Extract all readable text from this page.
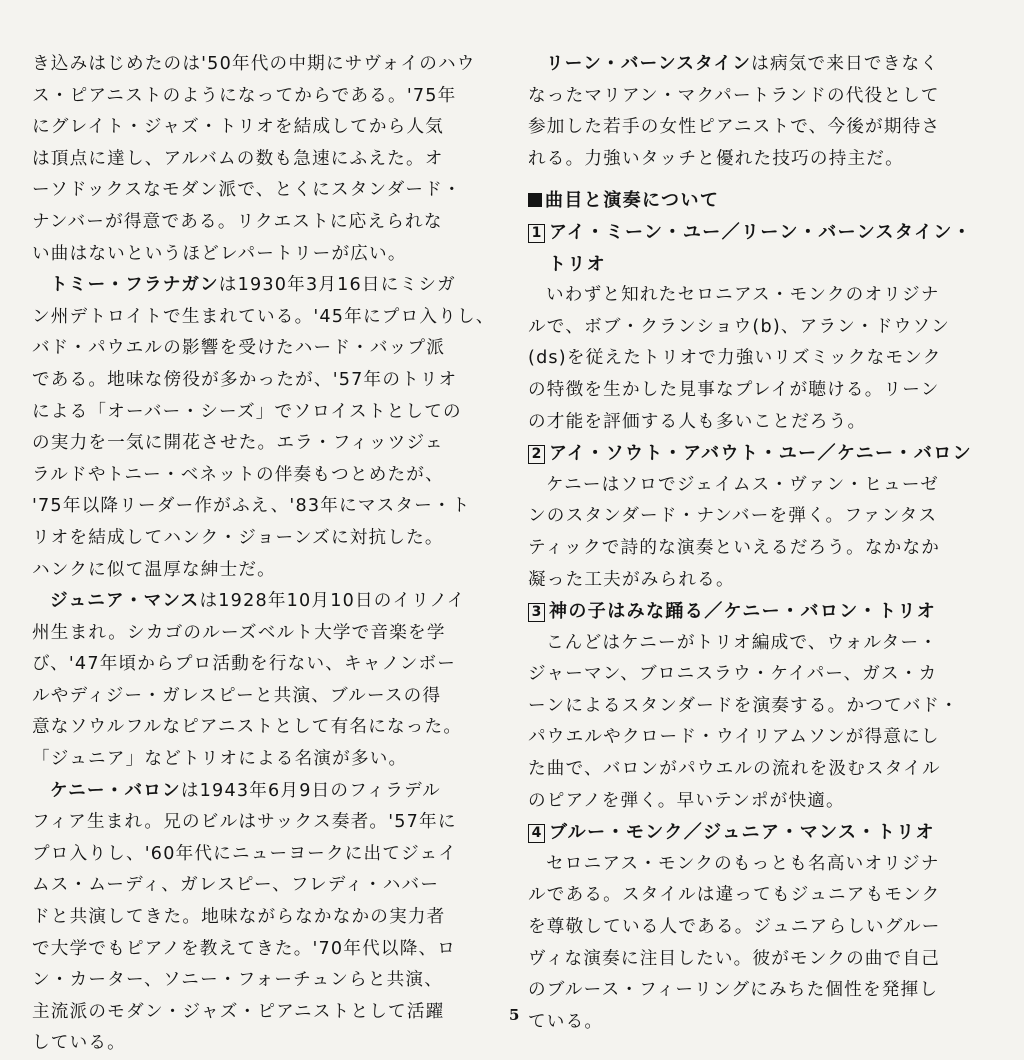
き込みはじめたのは'50年代の中期にサヴォイのハウ
ス・ピアニストのようになってからである。'75年
にグレイト・ジャズ・トリオを結成してから人気
は頂点に達し、アルバムの数も急速にふえた。オ
ーソドックスなモダン派で、とくにスタンダード・
ナンバーが得意である。リクエストに応えられな
い曲はないというほどレパートリーが広い。
トミー・フラナガンは1930年3月16日にミシガ
ン州デトロイトで生まれている。'45年にプロ入りし、
バド・パウエルの影響を受けたハード・バップ派
である。地味な傍役が多かったが、'57年のトリオ
による「オーバー・シーズ」でソロイストとしての
の実力を一気に開花させた。エラ・フィッツジェ
ラルドやトニー・ベネットの伴奏もつとめたが、
'75年以降リーダー作がふえ、'83年にマスター・ト
リオを結成してハンク・ジョーンズに対抗した。
ハンクに似て温厚な紳士だ。
ジュニア・マンスは1928年10月10日のイリノイ
州生まれ。シカゴのルーズベルト大学で音楽を学
び、'47年頃からプロ活動を行ない、キャノンボー
ルやディジー・ガレスピーと共演、ブルースの得
意なソウルフルなピアニストとして有名になった。
「ジュニア」などトリオによる名演が多い。
ケニー・バロンは1943年6月9日のフィラデル
フィア生まれ。兄のビルはサックス奏者。'57年に
プロ入りし、'60年代にニューヨークに出てジェイ
ムス・ムーディ、ガレスピー、フレディ・ハバー
ドと共演してきた。地味ながらなかなかの実力者
で大学でもピアノを教えてきた。'70年代以降、ロ
ン・カーター、ソニー・フォーチュンらと共演、
主流派のモダン・ジャズ・ピアニストとして活躍
している。
リーン・バーンスタインは病気で来日できなく
なったマリアン・マクパートランドの代役として
参加した若手の女性ピアニストで、今後が期待さ
れる。力強いタッチと優れた技巧の持主だ。
曲目と演奏について
1 アイ・ミーン・ユー／リーン・バーンスタイン・
トリオ
いわずと知れたセロニアス・モンクのオリジナ
ルで、ボブ・クランショウ(b)、アラン・ドウソン
(ds)を従えたトリオで力強いリズミックなモンク
の特徴を生かした見事なプレイが聴ける。リーン
の才能を評価する人も多いことだろう。
2 アイ・ソウト・アバウト・ユー／ケニー・バロン
ケニーはソロでジェイムス・ヴァン・ヒューゼ
ンのスタンダード・ナンバーを弾く。ファンタス
ティックで詩的な演奏といえるだろう。なかなか
凝った工夫がみられる。
3 神の子はみな踊る／ケニー・バロン・トリオ
こんどはケニーがトリオ編成で、ウォルター・
ジャーマン、ブロニスラウ・ケイパー、ガス・カ
ーンによるスタンダードを演奏する。かつてバド・
パウエルやクロード・ウイリアムソンが得意にし
た曲で、バロンがパウエルの流れを汲むスタイル
のピアノを弾く。早いテンポが快適。
4 ブルー・モンク／ジュニア・マンス・トリオ
セロニアス・モンクのもっとも名高いオリジナ
ルである。スタイルは違ってもジュニアもモンク
を尊敬している人である。ジュニアらしいグルー
ヴィな演奏に注目したい。彼がモンクの曲で自己
のブルース・フィーリングにみちた個性を発揮し
ている。
5
